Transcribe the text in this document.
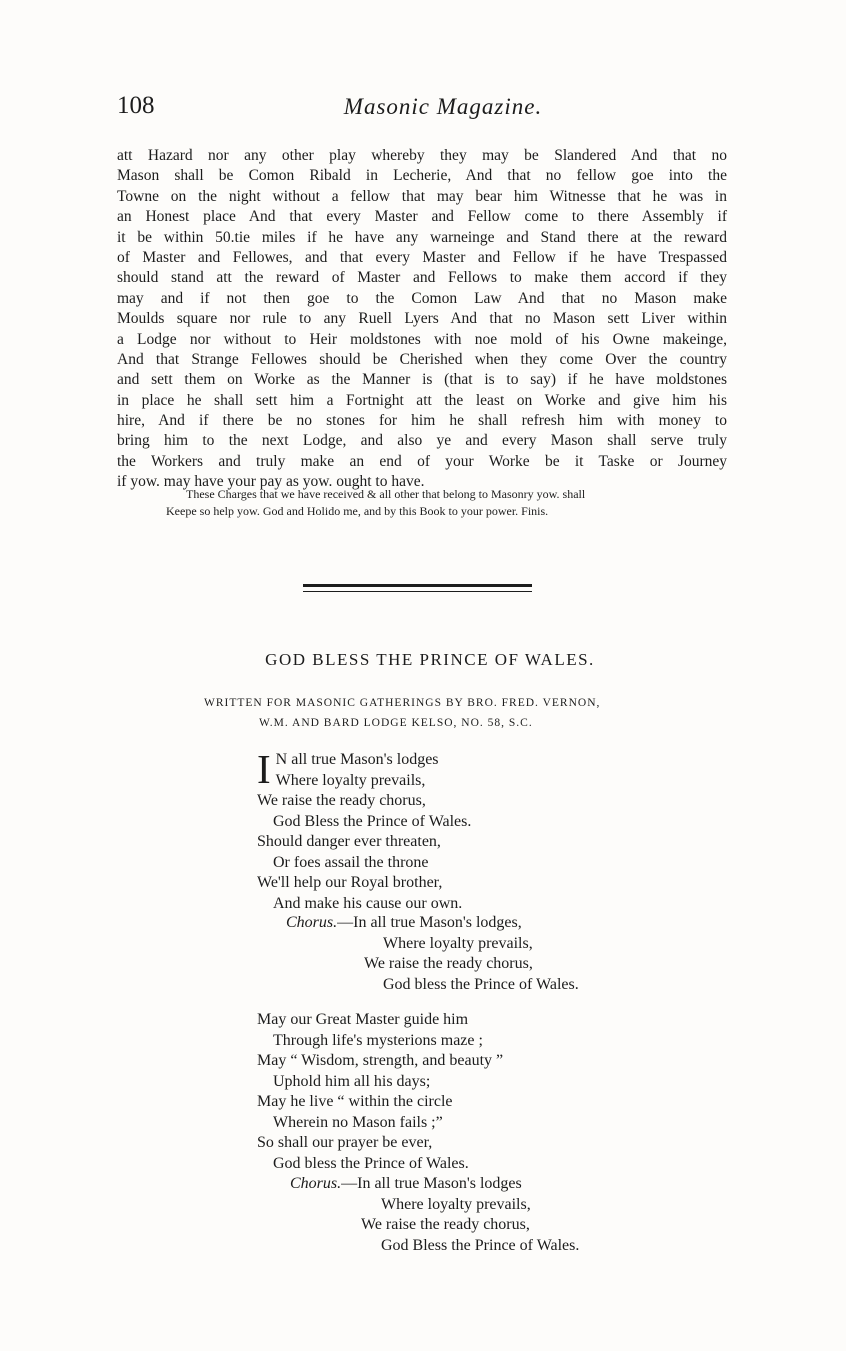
108	Masonic Magazine.
att Hazard nor any other play whereby they may be Slandered And that no
Mason shall be Comon Ribald in Lecherie, And that no fellow goe into the
Towne on the night without a fellow that may bear him Witnesse that he was in
an Honest place And that every Master and Fellow come to there Assembly if
it be within 50.tie miles if he have any warneinge and Stand there at the reward
of Master and Fellowes, and that every Master and Fellow if he have Trespassed
should stand att the reward of Master and Fellows to make them accord if they
may and if not then goe to the Comon Law And that no Mason make
Moulds square nor rule to any Ruell Lyers And that no Mason sett Liver within
a Lodge nor without to Heir moldstones with noe mold of his Owne makeinge,
And that Strange Fellowes should be Cherished when they come Over the country
and sett them on Worke as the Manner is (that is to say) if he have moldstones
in place he shall sett him a Fortnight att the least on Worke and give him his
hire, And if there be no stones for him he shall refresh him with money to
bring him to the next Lodge, and also ye and every Mason shall serve truly
the Workers and truly make an end of your Worke be it Taske or Journey
if yow. may have your pay as yow. ought to have.
These Charges that we have received & all other that belong to Masonry yow. shall
Keepe so help yow. God and Holido me, and by this Book to your power. Finis.
GOD BLESS THE PRINCE OF WALES.
WRITTEN FOR MASONIC GATHERINGS BY BRO. FRED. VERNON,
W.M. AND BARD LODGE KELSO, NO. 58, S.C.
I N all true Mason's lodges
Where loyalty prevails,
We raise the ready chorus,
God Bless the Prince of Wales.
Should danger ever threaten,
Or foes assail the throne
We'll help our Royal brother,
And make his cause our own.
Chorus.—In all true Mason's lodges,
Where loyalty prevails,
We raise the ready chorus,
God bless the Prince of Wales.
May our Great Master guide him
Through life's mysterions maze ;
May “ Wisdom, strength, and beauty ”
Uphold him all his days;
May he live “ within the circle
Wherein no Mason fails ;”
So shall our prayer be ever,
God bless the Prince of Wales.
Chorus.—In all true Mason's lodges
Where loyalty prevails,
We raise the ready chorus,
God Bless the Prince of Wales.
